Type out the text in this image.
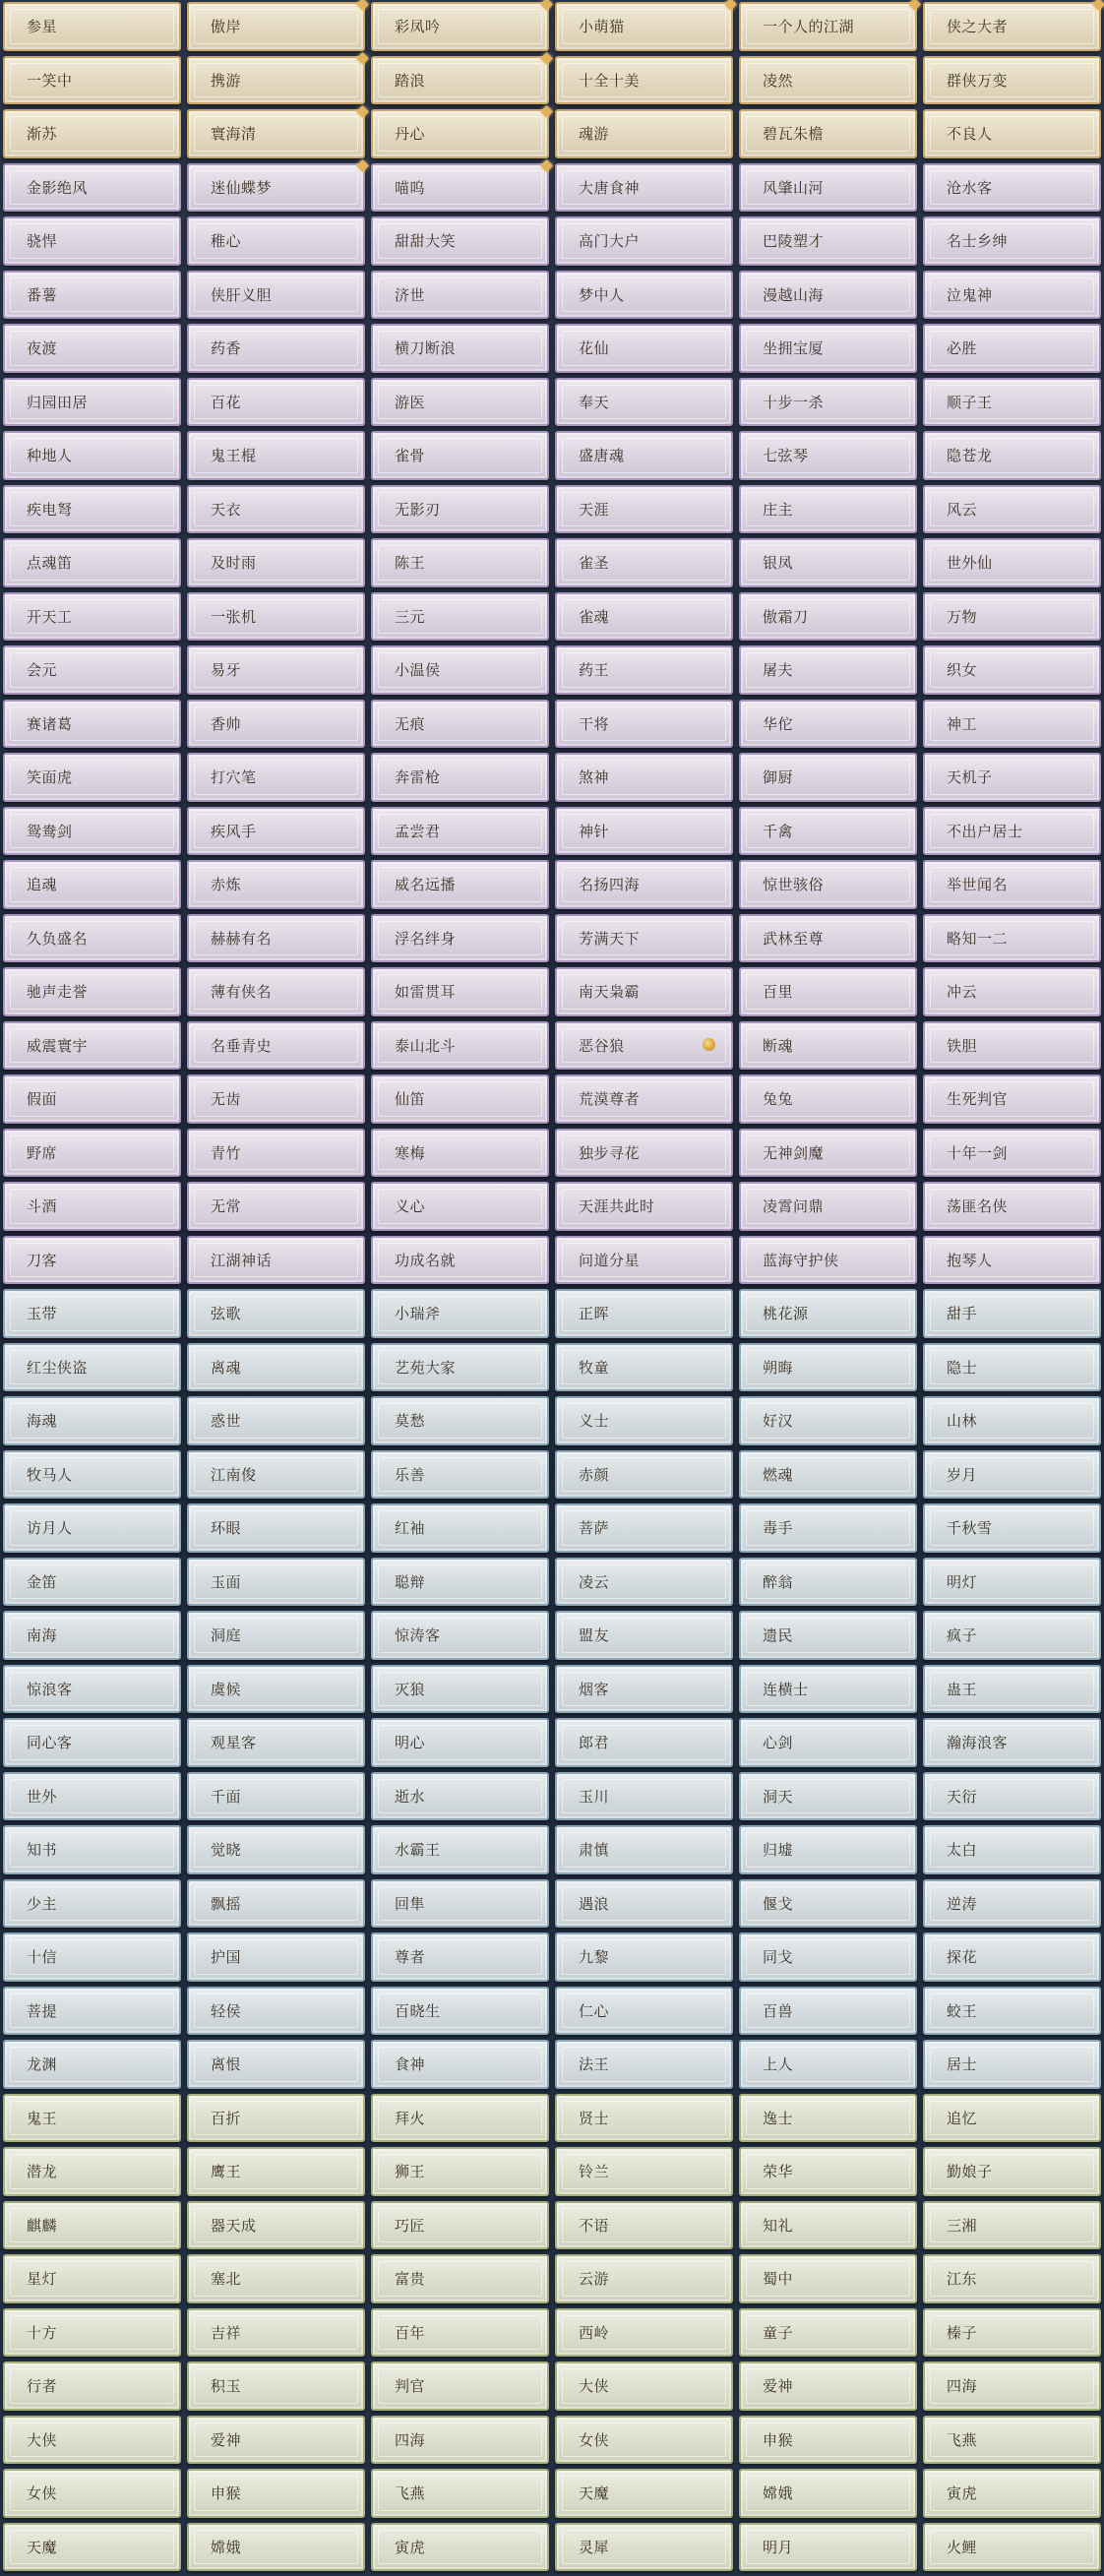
参星	傲岸	彩凤吟	小萌猫	一个人的江湖	侠之大者
一笑中	携游	踏浪	十全十美	凌然	群侠万变
渐苏	寰海清	丹心	魂游	碧瓦朱檐	不良人
金影绝风	迷仙蝶梦	喵呜	大唐食神	风肇山河	沧水客
骁悍	稚心	甜甜大笑	高门大户	巴陵塑才	名士乡绅
番薯	侠肝义胆	济世	梦中人	漫越山海	泣鬼神
夜渡	药香	横刀断浪	花仙	坐拥宝厦	必胜
归园田居	百花	游医	奉天	十步一杀	顺子王
种地人	鬼王棍	雀骨	盛唐魂	七弦琴	隐苍龙
疾电弩	天衣	无影刃	天涯	庄主	风云
点魂笛	及时雨	陈王	雀圣	银凤	世外仙
开天工	一张机	三元	雀魂	傲霜刀	万物
会元	易牙	小温侯	药王	屠夫	织女
赛诸葛	香帅	无痕	干将	华佗	神工
笑面虎	打穴笔	奔雷枪	煞神	御厨	天机子
鸳鸯剑	疾风手	孟尝君	神针	千禽	不出户居士
追魂	赤炼	威名远播	名扬四海	惊世骇俗	举世闻名
久负盛名	赫赫有名	浮名绊身	芳满天下	武林至尊	略知一二
驰声走誉	薄有侠名	如雷贯耳	南天枭霸	百里	冲云
威震寰宇	名垂青史	泰山北斗	恶谷狼	断魂	铁胆
假面	无齿	仙笛	荒漠尊者	兔兔	生死判官
野席	青竹	寒梅	独步寻花	无神剑魔	十年一剑
斗酒	无常	义心	天涯共此时	凌霄问鼎	荡匪名侠
刀客	江湖神话	功成名就	问道分星	蓝海守护侠	抱琴人
玉带	弦歌	小瑞斧	正晖	桃花源	甜手
红尘侠盗	离魂	艺苑大家	牧童	朔晦	隐士
海魂	惑世	莫愁	义士	好汉	山林
牧马人	江南俊	乐善	赤颜	燃魂	岁月
访月人	环眼	红袖	菩萨	毒手	千秋雪
金笛	玉面	聪辩	凌云	醉翁	明灯
南海	洞庭	惊涛客	盟友	遗民	疯子
惊浪客	虞候	灭狼	烟客	连横士	蛊王
同心客	观星客	明心	郎君	心剑	瀚海浪客
世外	千面	逝水	玉川	洞天	天衍
知书	觉晓	水霸王	肃慎	归墟	太白
少主	飘摇	回隼	遇浪	偃戈	逆涛
十信	护国	尊者	九黎	同戈	探花
菩提	轻侯	百晓生	仁心	百兽	蛟王
龙渊	离恨	食神	法王	上人	居士
鬼王	百折	拜火	贤士	逸士	追忆
潜龙	鹰王	狮王	铃兰	荣华	勤娘子
麒麟	器天成	巧匠	不语	知礼	三湘
星灯	塞北	富贵	云游	蜀中	江东
十方	吉祥	百年	西岭	童子	榛子
行者	积玉	判官	大侠	爱神	四海
大侠	爱神	四海	女侠	申猴	飞燕
女侠	申猴	飞燕	天魔	嫦娥	寅虎
天魔	嫦娥	寅虎	灵犀	明月	火鲤
